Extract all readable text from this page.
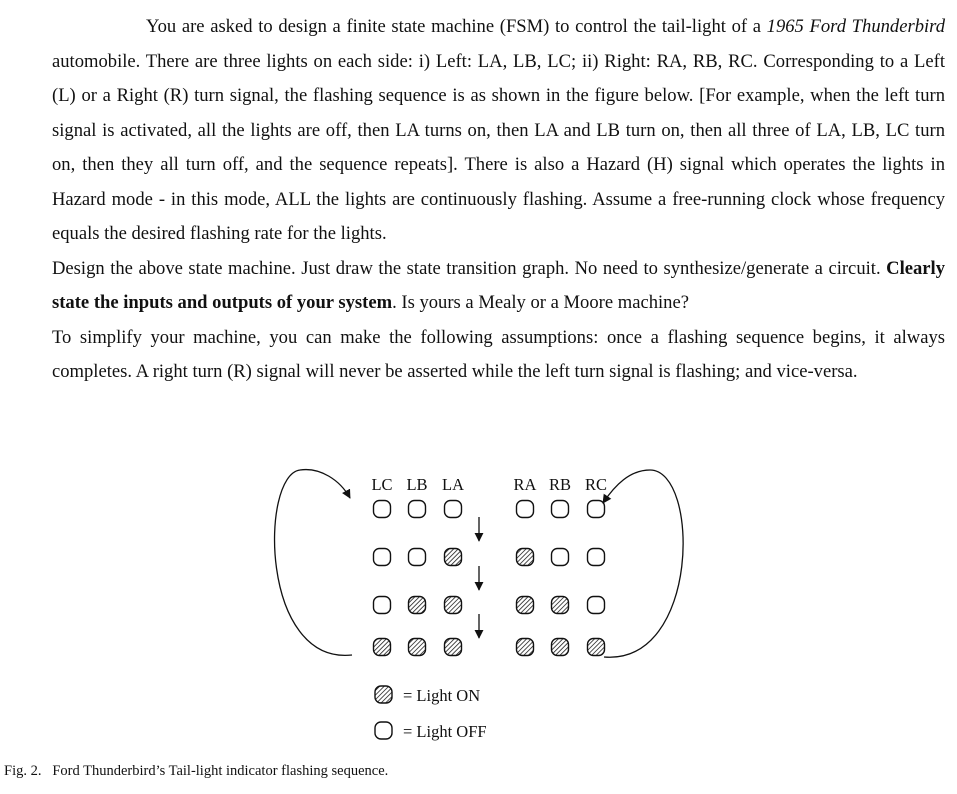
You are asked to design a finite state machine (FSM) to control the tail-light of a 1965 Ford Thunderbird automobile. There are three lights on each side: i) Left: LA, LB, LC; ii) Right: RA, RB, RC. Corresponding to a Left (L) or a Right (R) turn signal, the flashing sequence is as shown in the figure below. [For example, when the left turn signal is activated, all the lights are off, then LA turns on, then LA and LB turn on, then all three of LA, LB, LC turn on, then they all turn off, and the sequence repeats]. There is also a Hazard (H) signal which operates the lights in Hazard mode - in this mode, ALL the lights are continuously flashing. Assume a free-running clock whose frequency equals the desired flashing rate for the lights.

Design the above state machine. Just draw the state transition graph. No need to synthesize/generate a circuit. Clearly state the inputs and outputs of your system. Is yours a Mealy or a Moore machine?

To simplify your machine, you can make the following assumptions: once a flashing sequence begins, it always completes. A right turn (R) signal will never be asserted while the left turn signal is flashing; and vice-versa.

LC LB LA	RA RB RC
= Light ON
= Light OFF
Fig. 2. Ford Thunderbird’s Tail-light indicator flashing sequence.
